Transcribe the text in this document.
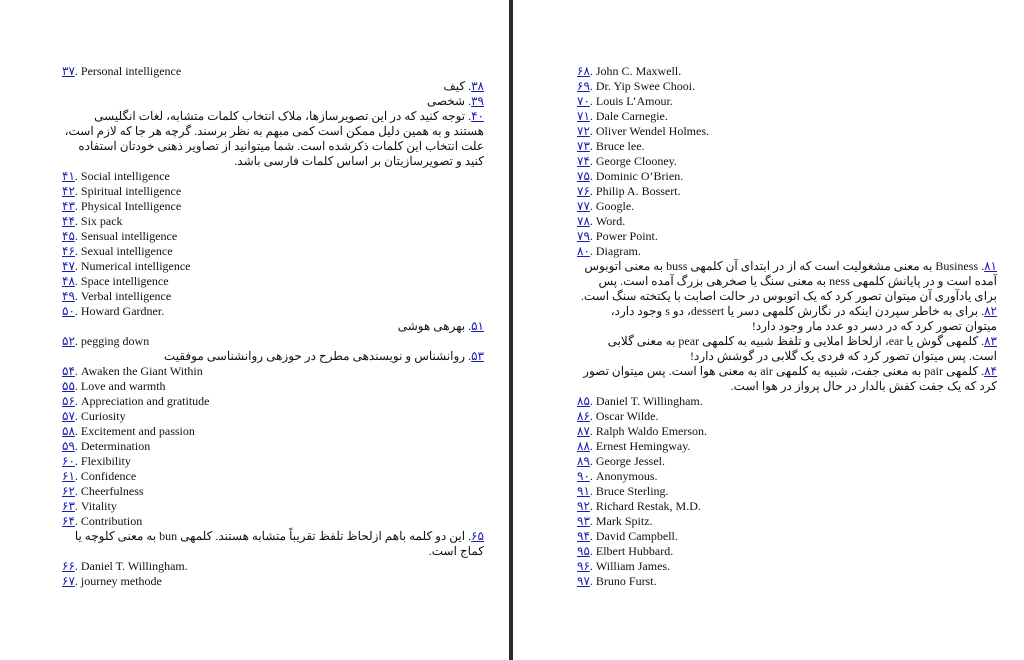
۳۷. Personal intelligence
۳۸. کیف
۳۹. شخصی
۴۰. توجه کنید که در این تصویرسازها، ملاک انتخاب کلمات متشابه، لغات انگلیسی هستند و به همین دلیل ممکن است کمی مبهم به نظر برسند. گرچه هر جا که لازم است، علت انتخاب این کلمات ذکرشده است. شما میتوانید از تصاویر ذهنی خودتان استفاده کنید و تصویرسازیتان بر اساس کلمات فارسی باشد.
۴۱. Social intelligence
۴۲. Spiritual intelligence
۴۳. Physical Intelligence
۴۴. Six pack
۴۵. Sensual intelligence
۴۶. Sexual intelligence
۴۷. Numerical intelligence
۴۸. Space intelligence
۴۹. Verbal intelligence
۵۰. Howard Gardner.
۵۱. بهرهی هوشی
۵۲. pegging down
۵۳. روانشناس و نویسندهی مطرح در حوزهی روانشناسی موفقیت
۵۴. Awaken the Giant Within
۵۵. Love and warmth
۵۶. Appreciation and gratitude
۵۷. Curiosity
۵۸. Excitement and passion
۵۹. Determination
۶۰. Flexibility
۶۱. Confidence
۶۲. Cheerfulness
۶۳. Vitality
۶۴. Contribution
۶۵. این دو کلمه باهم ازلحاظ تلفظ تقریباً متشابه هستند. کلمهی bun به معنی کلوچه یا کماج است.
۶۶. Daniel T. Willingham.
۶۷. journey methode
۶۸. John C. Maxwell.
۶۹. Dr. Yip Swee Chooi.
۷۰. Louis L’Amour.
۷۱. Dale Carnegie.
۷۲. Oliver Wendel Holmes.
۷۳. Bruce lee.
۷۴. George Clooney.
۷۵. Dominic O’Brien.
۷۶. Philip A. Bossert.
۷۷. Google.
۷۸. Word.
۷۹. Power Point.
۸۰. Diagram.
۸۱. Business به معنی مشغولیت است که از در ابتدای آن کلمهی buss به معنی اتوبوس آمده است و در پایانش کلمهی ness به معنی سنگ یا صخرهی بزرگ آمده است. پس برای یادآوری آن میتوان تصور کرد که یک اتوبوس در حالت اصابت با یکتخته سنگ است.
۸۲. برای به خاطر سپردن اینکه در نگارش کلمهی دسر یا dessert، دو s وجود دارد، میتوان تصور کرد که در دسر دو عدد مار وجود دارد!
۸۳. کلمهی گوش یا ear، ازلحاظ املایی و تلفظ شبیه به کلمهی pear به معنی گلابی است. پس میتوان تصور کرد که فردی یک گلابی در گوشش دارد!
۸۴. کلمهی pair به معنی جفت، شبیه به کلمهی air به معنی هوا است. پس میتوان تصور کرد که یک جفت کفش بالدار در حال پرواز در هوا است.
۸۵. Daniel T. Willingham.
۸۶. Oscar Wilde.
۸۷. Ralph Waldo Emerson.
۸۸. Ernest Hemingway.
۸۹. George Jessel.
۹۰. Anonymous.
۹۱. Bruce Sterling.
۹۲. Richard Restak, M.D.
۹۳. Mark Spitz.
۹۴. David Campbell.
۹۵. Elbert Hubbard.
۹۶. William James.
۹۷. Bruno Furst.
